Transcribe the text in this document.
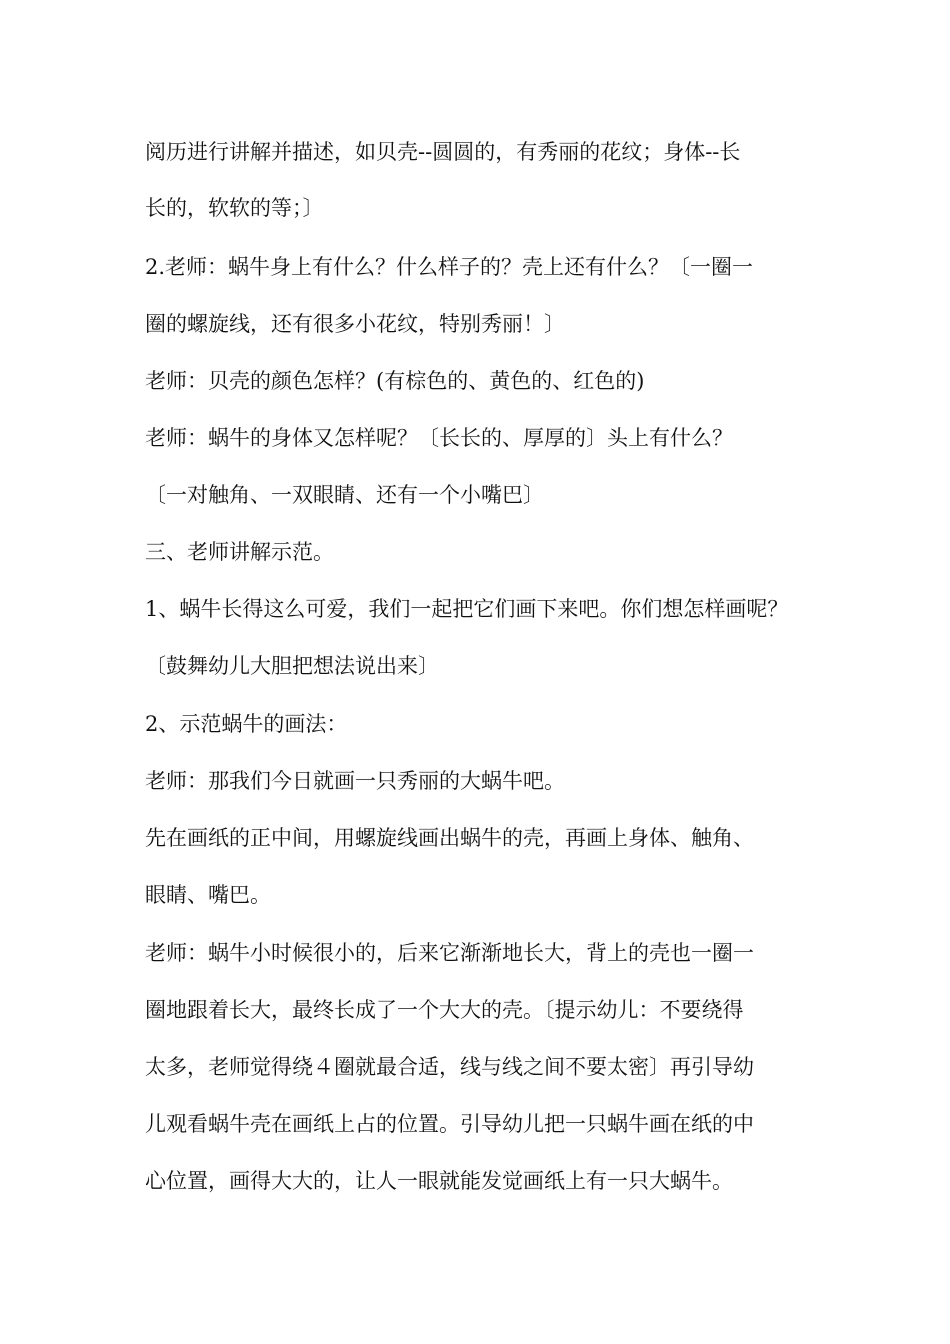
阅历进行讲解并描述，如贝壳--圆圆的，有秀丽的花纹；身体--长
长的，软软的等；〕
2.老师：蜗牛身上有什么？什么样子的？壳上还有什么？〔一圈一
圈的螺旋线，还有很多小花纹，特别秀丽！〕
老师：贝壳的颜色怎样？(有棕色的、黄色的、红色的)
老师：蜗牛的身体又怎样呢？〔长长的、厚厚的〕头上有什么？
〔一对触角、一双眼睛、还有一个小嘴巴〕
三、老师讲解示范。
1、蜗牛长得这么可爱，我们一起把它们画下来吧。你们想怎样画呢？
〔鼓舞幼儿大胆把想法说出来〕
2、示范蜗牛的画法：
老师：那我们今日就画一只秀丽的大蜗牛吧。
先在画纸的正中间，用螺旋线画出蜗牛的壳，再画上身体、触角、
眼睛、嘴巴。
老师：蜗牛小时候很小的，后来它渐渐地长大，背上的壳也一圈一
圈地跟着长大，最终长成了一个大大的壳。〔提示幼儿：不要绕得
太多，老师觉得绕４圈就最合适，线与线之间不要太密〕再引导幼
儿观看蜗牛壳在画纸上占的位置。引导幼儿把一只蜗牛画在纸的中
心位置，画得大大的，让人一眼就能发觉画纸上有一只大蜗牛。
